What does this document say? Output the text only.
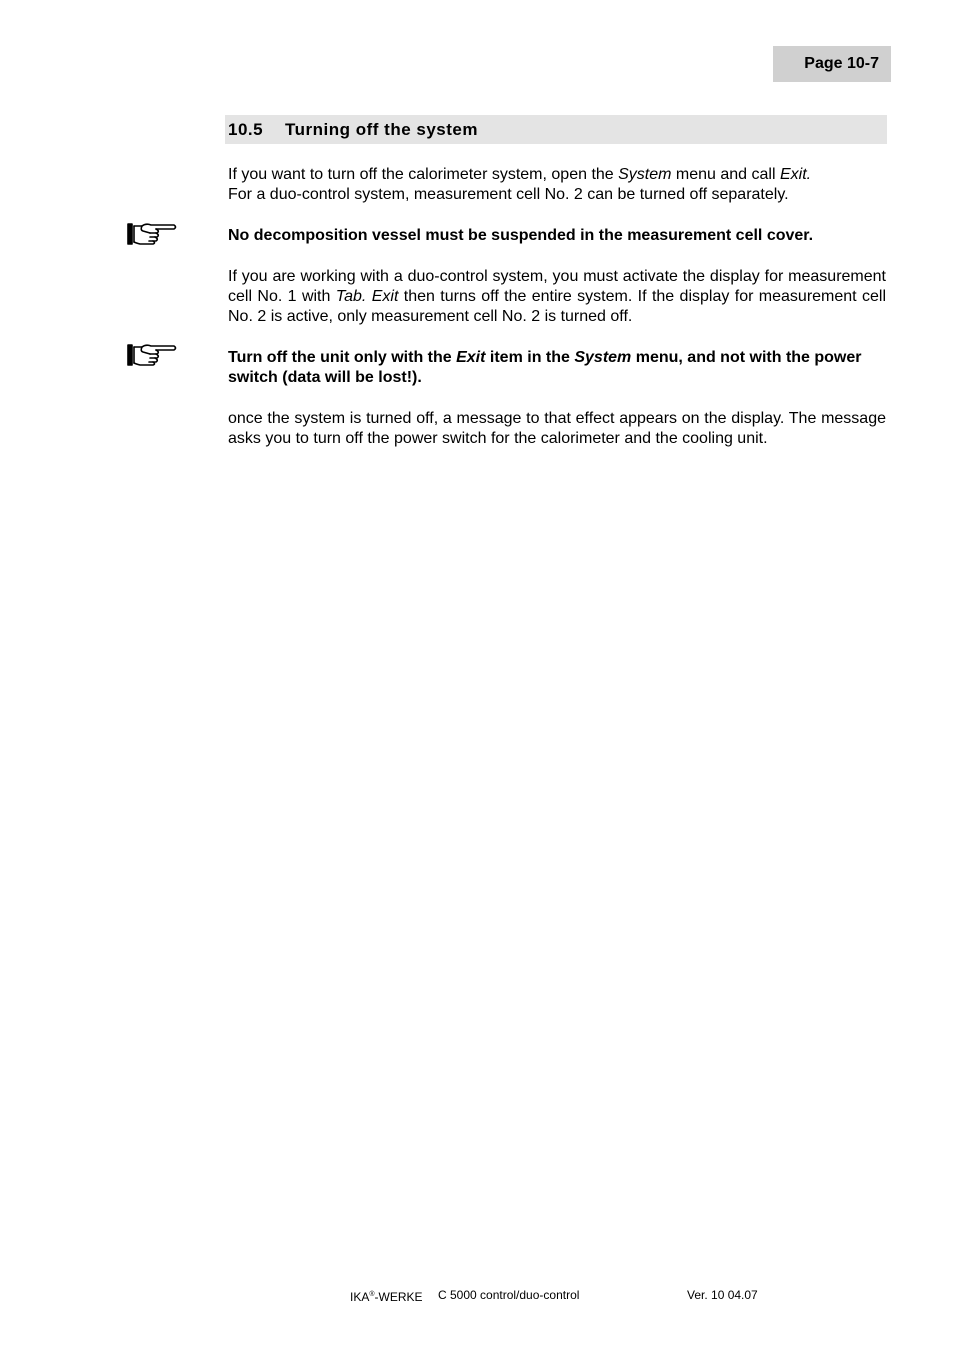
Page 10-7
10.5 Turning off the system

If you want to turn off the calorimeter system, open the System menu and call Exit.
For a duo-control system, measurement cell No. 2 can be turned off separately.

No decomposition vessel must be suspended in the measurement cell cover.

If you are working with a duo-control system, you must activate the display for measurement cell No. 1 with Tab. Exit then turns off the entire system. If the display for measurement cell No. 2 is active, only measurement cell No. 2 is turned off.

Turn off the unit only with the Exit item in the System menu, and not with the power switch (data will be lost!).

once the system is turned off, a message to that effect appears on the display. The message asks you to turn off the power switch for the calorimeter and the cooling unit.

IKA®-WERKE C 5000 control/duo-control	Ver. 10 04.07
